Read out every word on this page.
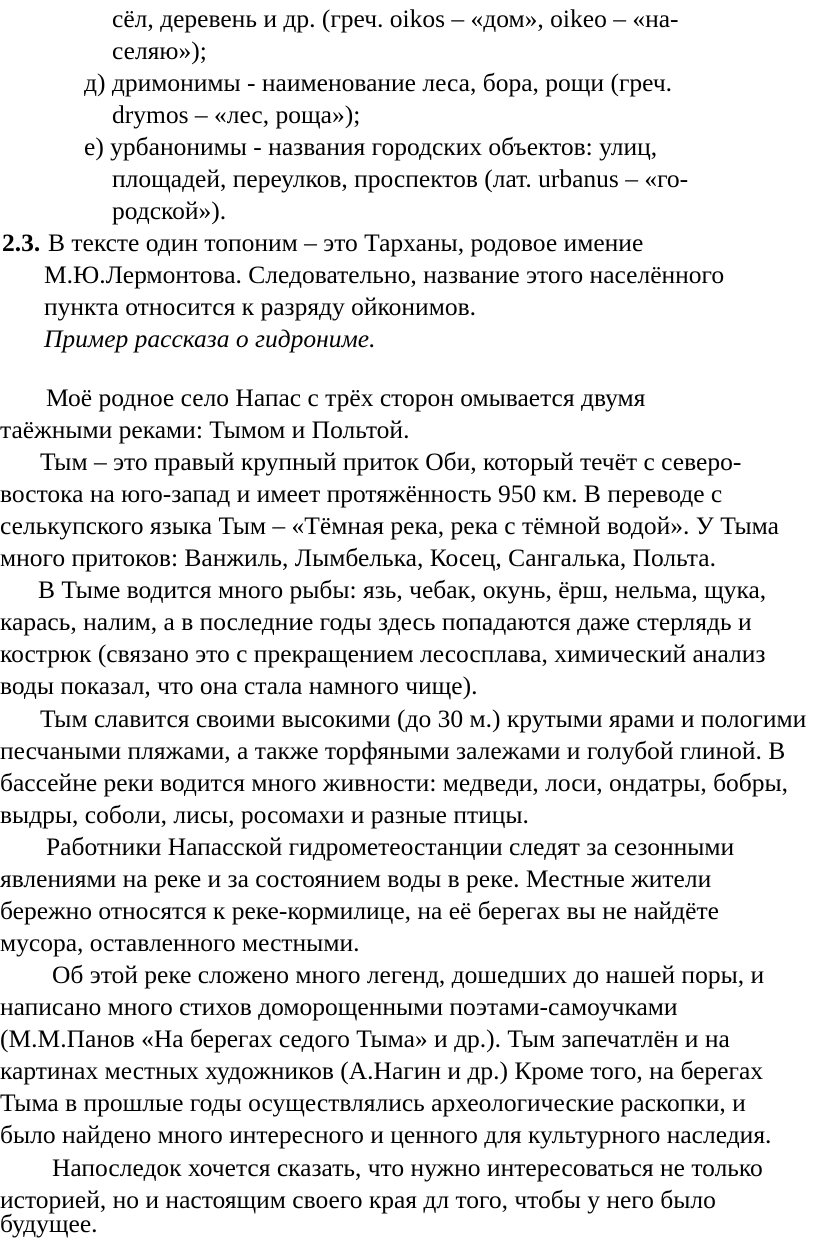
сёл, деревень и др. (греч. oikos – «дом», oikeo – «на-
селяю»);
д) дримонимы - наименование леса, бора, рощи (греч.
drymos – «лес, роща»);
е) урбанонимы - названия городских объектов: улиц,
площадей, переулков, проспектов (лат. urbanus – «го-
родской»).
2.3. В тексте один топоним – это Тарханы, родовое имение
М.Ю.Лермонтова. Следовательно, название этого населённого
пункта относится к разряду ойконимов.
Пример рассказа о гидрониме.
Моё родное село Напас с трёх сторон омывается двумя
таёжными реками: Тымом и Польтой.
Тым – это правый крупный приток Оби, который течёт с северо-
востока на юго-запад и имеет протяжённость 950 км. В переводе с
селькупского языка Тым – «Тёмная река, река с тёмной водой». У Тыма
много притоков: Ванжиль, Лымбелька, Косец, Сангалька, Польта.
В Тыме водится много рыбы: язь, чебак, окунь, ёрш, нельма, щука,
карась, налим, а в последние годы здесь попадаются даже стерлядь и
кострюк (связано это с прекращением лесосплава, химический анализ
воды показал, что она стала намного чище).
Тым славится своими высокими (до 30 м.) крутыми ярами и пологими
песчаными пляжами, а также торфяными залежами и голубой глиной. В
бассейне реки водится много живности: медведи, лоси, ондатры, бобры,
выдры, соболи, лисы, росомахи и разные птицы.
Работники Напасской гидрометеостанции следят за сезонными
явлениями на реке и за состоянием воды в реке. Местные жители
бережно относятся к реке-кормилице, на её берегах вы не найдёте
мусора, оставленного местными.
Об этой реке сложено много легенд, дошедших до нашей поры, и
написано много стихов доморощенными поэтами-самоучками
(М.М.Панов «На берегах седого Тыма» и др.). Тым запечатлён и на
картинах местных художников (А.Нагин и др.) Кроме того, на берегах
Тыма в прошлые годы осуществлялись археологические раскопки, и
было найдено много интересного и ценного для культурного наследия.
Напоследок хочется сказать, что нужно интересоваться не только
историей, но и настоящим своего края дл того, чтобы у него было
будущее.
